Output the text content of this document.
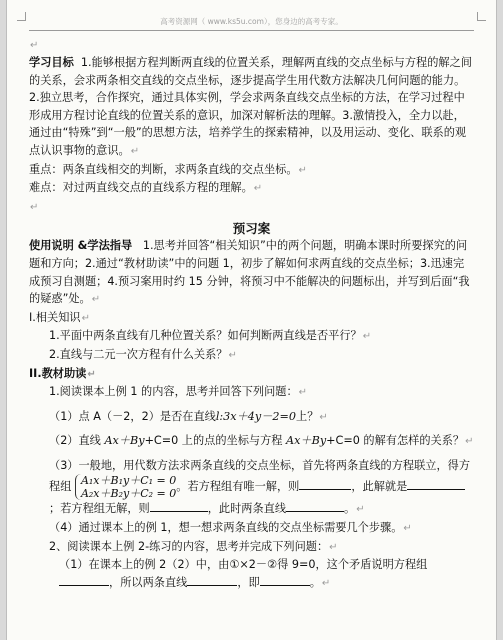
高考资源网（ www.ks5u.com），您身边的高考专家。
↵
学习目标 1.能够根据方程判断两直线的位置关系，理解两直线的交点坐标与方程的解之间的关系，会求两条相交直线的交点坐标，逐步提高学生用代数方法解决几何问题的能力。2.独立思考，合作探究，通过具体实例，学会求两条直线交点坐标的方法，在学习过程中形成用方程讨论直线的位置关系的意识，加深对解析法的理解。3.激情投入，全力以赴，通过由“特殊”到“一般”的思想方法，培养学生的探索精神，以及用运动、变化、联系的观点认识事物的意识。↵
重点：两条直线相交的判断，求两条直线的交点坐标。↵
难点：对过两直线交点的直线系方程的理解。↵
↵
预习案
使用说明 &学法指导 1.思考并回答“相关知识”中的两个问题，明确本课时所要探究的问题和方向；2.通过“教材助读”中的问题 1，初步了解如何求两直线的交点坐标；3.迅速完成预习自测题；4.预习案用时约 15 分钟，将预习中不能解决的问题标出，并写到后面“我的疑惑”处。↵
I.相关知识↵
1.平面中两条直线有几种位置关系？如何判断两直线是否平行？↵
2.直线与二元一次方程有什么关系？↵
II.教材助读↵
1.阅读课本上例 1 的内容，思考并回答下列问题：↵
（1）点 A（－2，2）是否在直线l:3x＋4y－2=0上？↵
（2）直线 Ax＋By+C=0 上的点的坐标与方程 Ax＋By+C=0 的解有怎样的关系？↵
（3）一般地，用代数方法求两条直线的交点坐标，首先将两条直线的方程联立，得方程组 A₁x＋B₁y＋C₁ = 0
A₂x＋B₂y＋C₂ = 0。若方程组有唯一解，则	，此解就是；若方程组无解，则	，此时两条直线	。↵
（4）通过课本上的例 1，想一想求两条直线的交点坐标需要几个步骤。↵
2、阅读课本上例 2-练习的内容，思考并完成下列问题：↵
（1）在课本上的例 2（2）中，由①×2－②得 9=0，这个矛盾说明方程组，所以两条直线	，即	。↵
